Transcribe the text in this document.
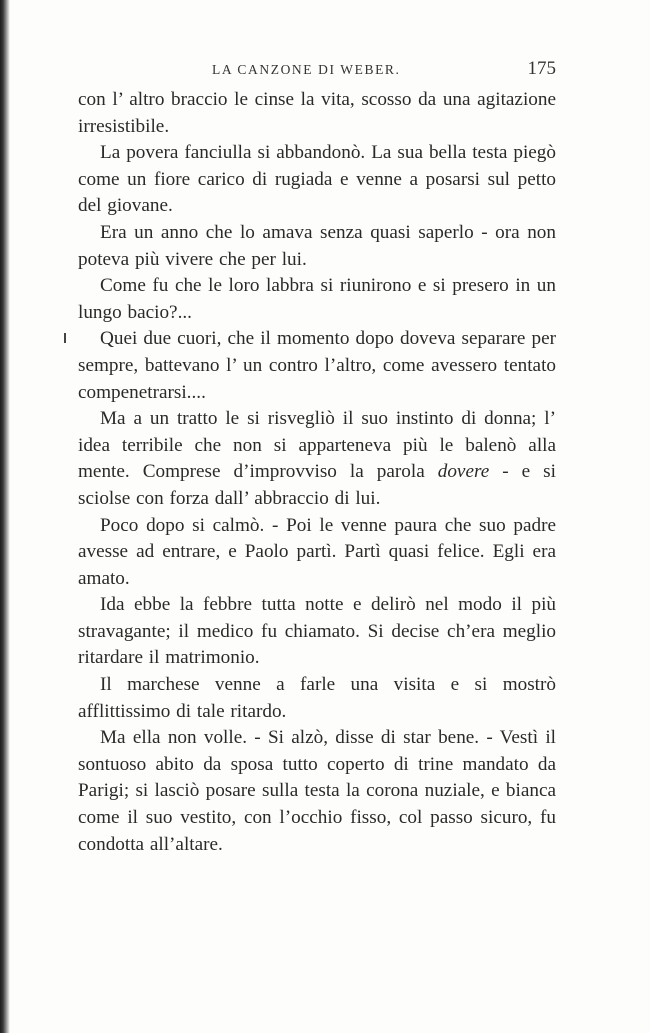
LA CANZONE DI WEBER.	175

con l’ altro braccio le cinse la vita, scosso da una agitazione irresistibile.

La povera fanciulla si abbandonò. La sua bella testa piegò come un fiore carico di rugiada e venne a posarsi sul petto del giovane.

Era un anno che lo amava senza quasi saperlo - ora non poteva più vivere che per lui.

Come fu che le loro labbra si riunirono e si presero in un lungo bacio?...

Quei due cuori, che il momento dopo doveva separare per sempre, battevano l’ un contro l’altro, come avessero tentato compenetrarsi....

Ma a un tratto le si risvegliò il suo instinto di donna; l’ idea terribile che non si apparteneva più le balenò alla mente. Comprese d’improvviso la parola dovere - e si sciolse con forza dall’ abbraccio di lui.

Poco dopo si calmò. - Poi le venne paura che suo padre avesse ad entrare, e Paolo partì. Partì quasi felice. Egli era amato.

Ida ebbe la febbre tutta notte e delirò nel modo il più stravagante; il medico fu chiamato. Si decise ch’era meglio ritardare il matrimonio.

Il marchese venne a farle una visita e si mostrò afflittissimo di tale ritardo.

Ma ella non volle. - Si alzò, disse di star bene. - Vestì il sontuoso abito da sposa tutto coperto di trine mandato da Parigi; si lasciò posare sulla testa la corona nuziale, e bianca come il suo vestito, con l’occhio fisso, col passo sicuro, fu condotta all’altare.
